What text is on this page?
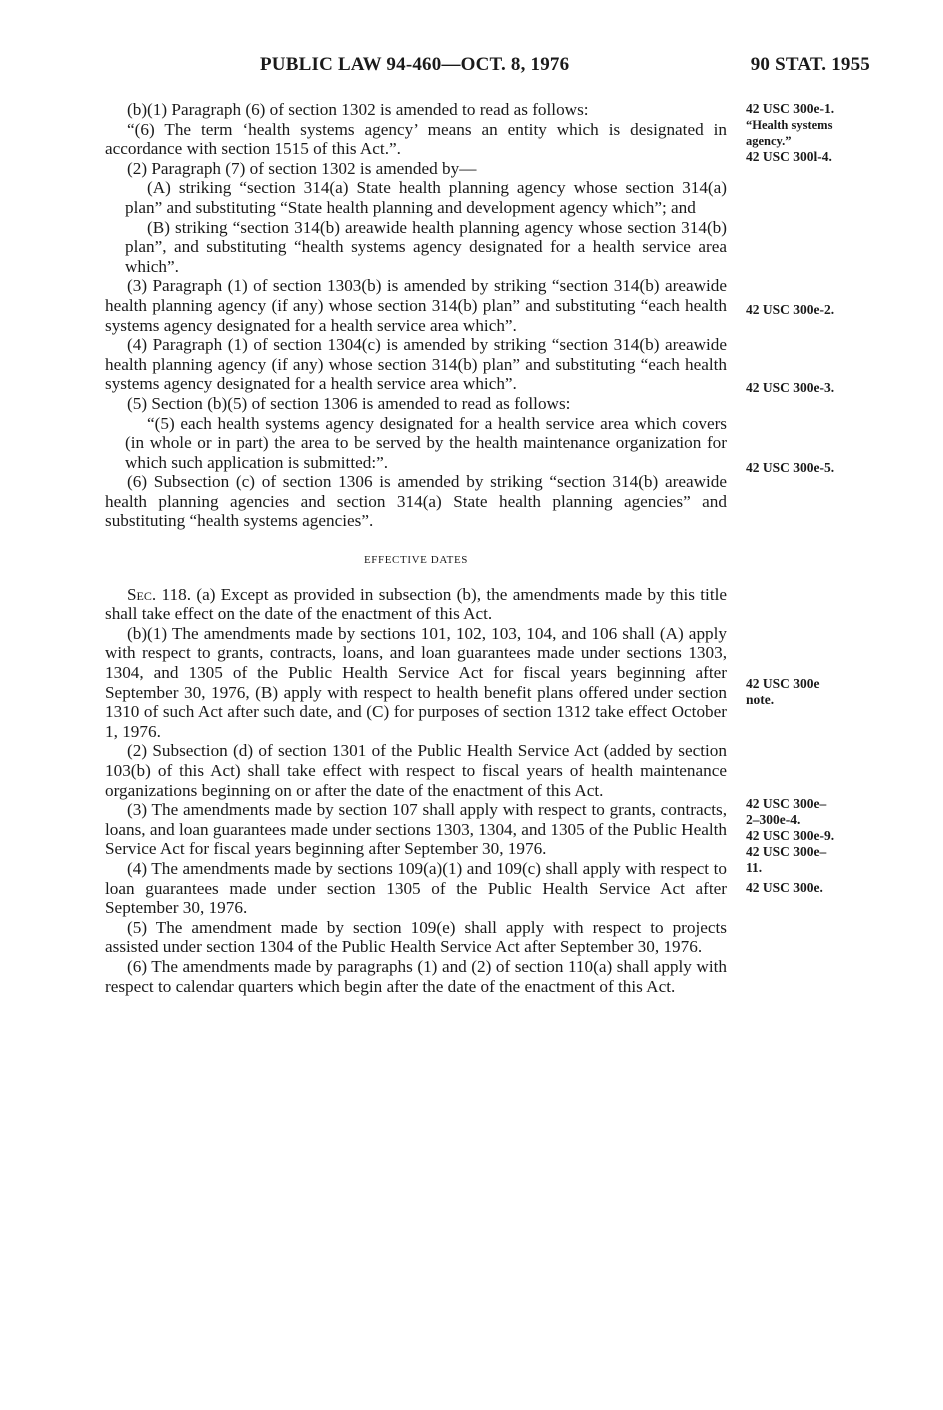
PUBLIC LAW 94-460—OCT. 8, 1976	90 STAT. 1955

(b)(1) Paragraph (6) of section 1302 is amended to read as follows:

“(6) The term ‘health systems agency’ means an entity which is designated in accordance with section 1515 of this Act.”.

(2) Paragraph (7) of section 1302 is amended by—

(A) striking “section 314(a) State health planning agency whose section 314(a) plan” and substituting “State health planning and development agency which”; and

(B) striking “section 314(b) areawide health planning agency whose section 314(b) plan”, and substituting “health systems agency designated for a health service area which”.

(3) Paragraph (1) of section 1303(b) is amended by striking “section 314(b) areawide health planning agency (if any) whose section 314(b) plan” and substituting “each health systems agency designated for a health service area which”.

(4) Paragraph (1) of section 1304(c) is amended by striking “section 314(b) areawide health planning agency (if any) whose section 314(b) plan” and substituting “each health systems agency designated for a health service area which”.

(5) Section (b)(5) of section 1306 is amended to read as follows:

“(5) each health systems agency designated for a health service area which covers (in whole or in part) the area to be served by the health maintenance organization for which such application is submitted:”.

(6) Subsection (c) of section 1306 is amended by striking “section 314(b) areawide health planning agencies and section 314(a) State health planning agencies” and substituting “health systems agencies”.

EFFECTIVE DATES

Sec. 118. (a) Except as provided in subsection (b), the amendments made by this title shall take effect on the date of the enactment of this Act.

(b)(1) The amendments made by sections 101, 102, 103, 104, and 106 shall (A) apply with respect to grants, contracts, loans, and loan guarantees made under sections 1303, 1304, and 1305 of the Public Health Service Act for fiscal years beginning after September 30, 1976, (B) apply with respect to health benefit plans offered under section 1310 of such Act after such date, and (C) for purposes of section 1312 take effect October 1, 1976.

(2) Subsection (d) of section 1301 of the Public Health Service Act (added by section 103(b) of this Act) shall take effect with respect to fiscal years of health maintenance organizations beginning on or after the date of the enactment of this Act.

(3) The amendments made by section 107 shall apply with respect to grants, contracts, loans, and loan guarantees made under sections 1303, 1304, and 1305 of the Public Health Service Act for fiscal years beginning after September 30, 1976.

(4) The amendments made by sections 109(a)(1) and 109(c) shall apply with respect to loan guarantees made under section 1305 of the Public Health Service Act after September 30, 1976.

(5) The amendment made by section 109(e) shall apply with respect to projects assisted under section 1304 of the Public Health Service Act after September 30, 1976.

(6) The amendments made by paragraphs (1) and (2) of section 110(a) shall apply with respect to calendar quarters which begin after the date of the enactment of this Act.

42 USC 300e-1.
“Health systems
agency.”
42 USC 300l-4.
42 USC 300e-2.
42 USC 300e-3.
42 USC 300e-5.
42 USC 300e
note.
42 USC 300e–
2–300e-4.
42 USC 300e-9.
42 USC 300e–
11.
42 USC 300e.
